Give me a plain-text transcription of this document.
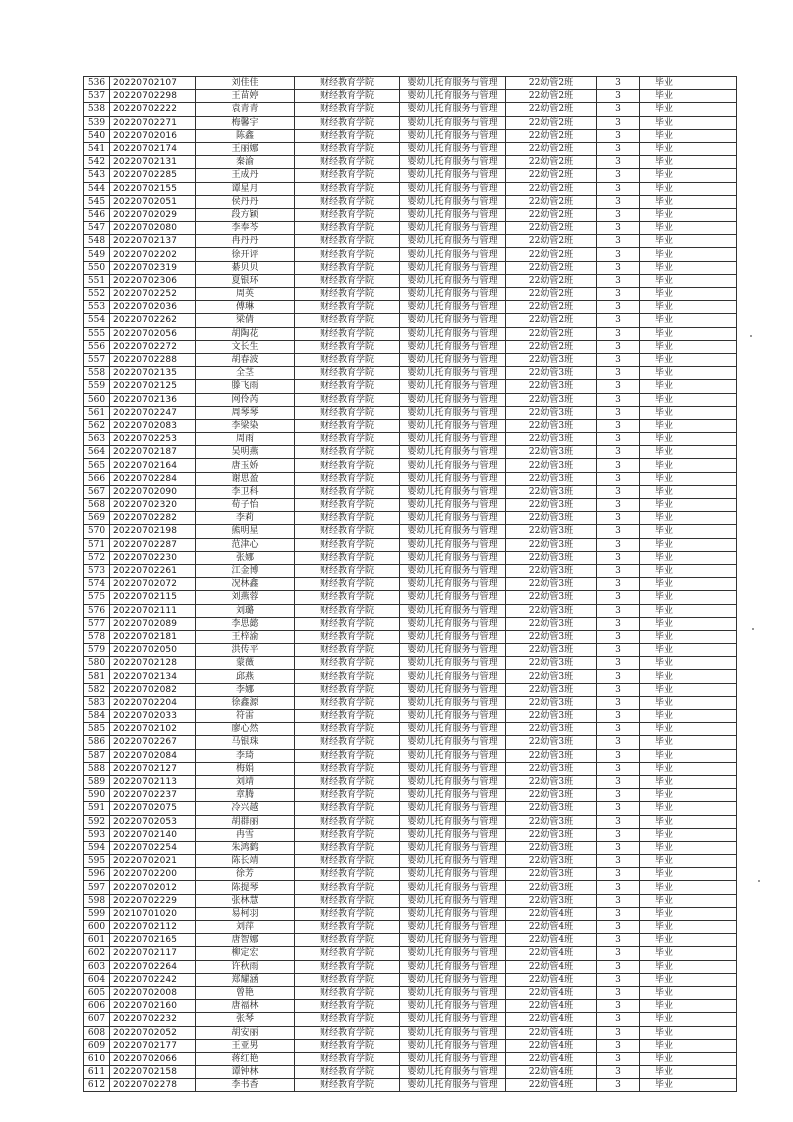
536	20220702107	刘佳佳	财经教育学院	婴幼儿托育服务与管理	22幼管2班	3	毕业
537	20220702298	王苗婷	财经教育学院	婴幼儿托育服务与管理	22幼管2班	3	毕业
538	20220702222	袁青青	财经教育学院	婴幼儿托育服务与管理	22幼管2班	3	毕业
539	20220702271	梅馨宇	财经教育学院	婴幼儿托育服务与管理	22幼管2班	3	毕业
540	20220702016	陈鑫	财经教育学院	婴幼儿托育服务与管理	22幼管2班	3	毕业
541	20220702174	王丽娜	财经教育学院	婴幼儿托育服务与管理	22幼管2班	3	毕业
542	20220702131	秦渝	财经教育学院	婴幼儿托育服务与管理	22幼管2班	3	毕业
543	20220702285	王成丹	财经教育学院	婴幼儿托育服务与管理	22幼管2班	3	毕业
544	20220702155	谭星月	财经教育学院	婴幼儿托育服务与管理	22幼管2班	3	毕业
545	20220702051	侯丹丹	财经教育学院	婴幼儿托育服务与管理	22幼管2班	3	毕业
546	20220702029	段方颖	财经教育学院	婴幼儿托育服务与管理	22幼管2班	3	毕业
547	20220702080	李奉芩	财经教育学院	婴幼儿托育服务与管理	22幼管2班	3	毕业
548	20220702137	冉丹丹	财经教育学院	婴幼儿托育服务与管理	22幼管2班	3	毕业
549	20220702202	徐开评	财经教育学院	婴幼儿托育服务与管理	22幼管2班	3	毕业
550	20220702319	綦贝贝	财经教育学院	婴幼儿托育服务与管理	22幼管2班	3	毕业
551	20220702306	夏银环	财经教育学院	婴幼儿托育服务与管理	22幼管2班	3	毕业
552	20220702252	周英	财经教育学院	婴幼儿托育服务与管理	22幼管2班	3	毕业
553	20220702036	傅琳	财经教育学院	婴幼儿托育服务与管理	22幼管2班	3	毕业
554	20220702262	梁倩	财经教育学院	婴幼儿托育服务与管理	22幼管2班	3	毕业
555	20220702056	胡陶花	财经教育学院	婴幼儿托育服务与管理	22幼管2班	3	毕业
556	20220702272	文长生	财经教育学院	婴幼儿托育服务与管理	22幼管2班	3	毕业
557	20220702288	胡春波	财经教育学院	婴幼儿托育服务与管理	22幼管3班	3	毕业
558	20220702135	全茎	财经教育学院	婴幼儿托育服务与管理	22幼管3班	3	毕业
559	20220702125	滕飞雨	财经教育学院	婴幼儿托育服务与管理	22幼管3班	3	毕业
560	20220702136	网伶芮	财经教育学院	婴幼儿托育服务与管理	22幼管3班	3	毕业
561	20220702247	周琴琴	财经教育学院	婴幼儿托育服务与管理	22幼管3班	3	毕业
562	20220702083	李梁染	财经教育学院	婴幼儿托育服务与管理	22幼管3班	3	毕业
563	20220702253	周雨	财经教育学院	婴幼儿托育服务与管理	22幼管3班	3	毕业
564	20220702187	吴明燕	财经教育学院	婴幼儿托育服务与管理	22幼管3班	3	毕业
565	20220702164	唐玉娇	财经教育学院	婴幼儿托育服务与管理	22幼管3班	3	毕业
566	20220702284	谢思盈	财经教育学院	婴幼儿托育服务与管理	22幼管3班	3	毕业
567	20220702090	李卫科	财经教育学院	婴幼儿托育服务与管理	22幼管3班	3	毕业
568	20220702320	荀子怡	财经教育学院	婴幼儿托育服务与管理	22幼管3班	3	毕业
569	20220702282	李莉	财经教育学院	婴幼儿托育服务与管理	22幼管3班	3	毕业
570	20220702198	熊明星	财经教育学院	婴幼儿托育服务与管理	22幼管3班	3	毕业
571	20220702287	范津心	财经教育学院	婴幼儿托育服务与管理	22幼管3班	3	毕业
572	20220702230	张娜	财经教育学院	婴幼儿托育服务与管理	22幼管3班	3	毕业
573	20220702261	江金博	财经教育学院	婴幼儿托育服务与管理	22幼管3班	3	毕业
574	20220702072	况林鑫	财经教育学院	婴幼儿托育服务与管理	22幼管3班	3	毕业
575	20220702115	刘燕蓉	财经教育学院	婴幼儿托育服务与管理	22幼管3班	3	毕业
576	20220702111	刘璐	财经教育学院	婴幼儿托育服务与管理	22幼管3班	3	毕业
577	20220702089	李思懿	财经教育学院	婴幼儿托育服务与管理	22幼管3班	3	毕业
578	20220702181	王梓渝	财经教育学院	婴幼儿托育服务与管理	22幼管3班	3	毕业
579	20220702050	洪传平	财经教育学院	婴幼儿托育服务与管理	22幼管3班	3	毕业
580	20220702128	蒙薇	财经教育学院	婴幼儿托育服务与管理	22幼管3班	3	毕业
581	20220702134	邱燕	财经教育学院	婴幼儿托育服务与管理	22幼管3班	3	毕业
582	20220702082	李娜	财经教育学院	婴幼儿托育服务与管理	22幼管3班	3	毕业
583	20220702204	徐鑫源	财经教育学院	婴幼儿托育服务与管理	22幼管3班	3	毕业
584	20220702033	符雷	财经教育学院	婴幼儿托育服务与管理	22幼管3班	3	毕业
585	20220702102	廖心然	财经教育学院	婴幼儿托育服务与管理	22幼管3班	3	毕业
586	20220702267	马银珠	财经教育学院	婴幼儿托育服务与管理	22幼管3班	3	毕业
587	20220702084	李琦	财经教育学院	婴幼儿托育服务与管理	22幼管3班	3	毕业
588	20220702127	梅娟	财经教育学院	婴幼儿托育服务与管理	22幼管3班	3	毕业
589	20220702113	刘靖	财经教育学院	婴幼儿托育服务与管理	22幼管3班	3	毕业
590	20220702237	章腾	财经教育学院	婴幼儿托育服务与管理	22幼管3班	3	毕业
591	20220702075	冷兴越	财经教育学院	婴幼儿托育服务与管理	22幼管3班	3	毕业
592	20220702053	胡群丽	财经教育学院	婴幼儿托育服务与管理	22幼管3班	3	毕业
593	20220702140	冉雪	财经教育学院	婴幼儿托育服务与管理	22幼管3班	3	毕业
594	20220702254	朱鸿鹤	财经教育学院	婴幼儿托育服务与管理	22幼管3班	3	毕业
595	20220702021	陈长靖	财经教育学院	婴幼儿托育服务与管理	22幼管3班	3	毕业
596	20220702200	徐芳	财经教育学院	婴幼儿托育服务与管理	22幼管3班	3	毕业
597	20220702012	陈提琴	财经教育学院	婴幼儿托育服务与管理	22幼管3班	3	毕业
598	20220702229	张林慧	财经教育学院	婴幼儿托育服务与管理	22幼管3班	3	毕业
599	20210701020	易柯羽	财经教育学院	婴幼儿托育服务与管理	22幼管4班	3	毕业
600	20220702112	刘萍	财经教育学院	婴幼儿托育服务与管理	22幼管4班	3	毕业
601	20220702165	唐智娜	财经教育学院	婴幼儿托育服务与管理	22幼管4班	3	毕业
602	20220702117	柳定宏	财经教育学院	婴幼儿托育服务与管理	22幼管4班	3	毕业
603	20220702264	许秋雨	财经教育学院	婴幼儿托育服务与管理	22幼管4班	3	毕业
604	20220702242	郑耀涵	财经教育学院	婴幼儿托育服务与管理	22幼管4班	3	毕业
605	20220702008	曾艳	财经教育学院	婴幼儿托育服务与管理	22幼管4班	3	毕业
606	20220702160	唐福林	财经教育学院	婴幼儿托育服务与管理	22幼管4班	3	毕业
607	20220702232	张琴	财经教育学院	婴幼儿托育服务与管理	22幼管4班	3	毕业
608	20220702052	胡安丽	财经教育学院	婴幼儿托育服务与管理	22幼管4班	3	毕业
609	20220702177	王亚男	财经教育学院	婴幼儿托育服务与管理	22幼管4班	3	毕业
610	20220702066	蒋红艳	财经教育学院	婴幼儿托育服务与管理	22幼管4班	3	毕业
611	20220702158	谭钟林	财经教育学院	婴幼儿托育服务与管理	22幼管4班	3	毕业
612	20220702278	李书香	财经教育学院	婴幼儿托育服务与管理	22幼管4班	3	毕业
